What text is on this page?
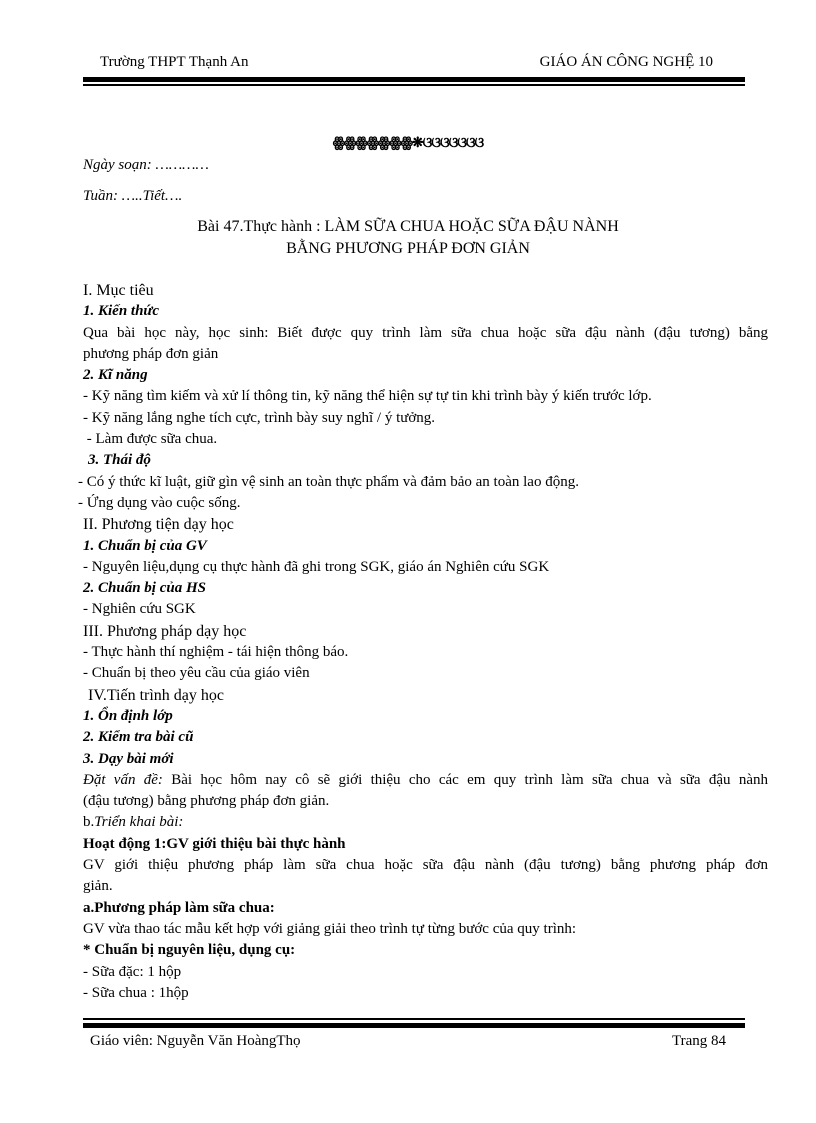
Trường THPT Thạnh An	GIÁO ÁN CÔNG NGHỆ 10
ꙮꙮꙮꙮꙮꙮꙮ❋ଓଓଓଓଓଓଓ
Ngày soạn: …………
Tuần: …..Tiết….
Bài 47.Thực hành : LÀM SỮA CHUA HOẶC SỮA ĐẬU NÀNH
BẰNG PHƯƠNG PHÁP ĐƠN GIẢN
I. Mục tiêu
1. Kiến thức
Qua bài học này, học sinh: Biết được quy trình làm sữa chua hoặc sữa đậu nành (đậu tương) bằng
phương pháp đơn giản
2. Kĩ năng
- Kỹ năng tìm kiếm và xử lí thông tin, kỹ năng thể hiện sự tự tin khi trình bày ý kiến trước lớp.
- Kỹ năng lắng nghe tích cực, trình bày suy nghĩ / ý tưởng.
- Làm được sữa chua.
3. Thái độ
- Có ý thức kĩ luật, giữ gìn vệ sinh an toàn thực phẩm và đảm bảo an toàn lao động.
- Ứng dụng vào cuộc sống.
II. Phương tiện dạy học
1. Chuẩn bị của GV
- Nguyên liệu,dụng cụ thực hành đã ghi trong SGK, giáo án Nghiên cứu SGK
2. Chuẩn bị của HS
- Nghiên cứu SGK
III. Phương pháp dạy học
- Thực hành thí nghiệm - tái hiện thông báo.
- Chuẩn bị theo yêu cầu của giáo viên
IV.Tiến trình dạy học
1. Ổn định lớp
2. Kiểm tra bài cũ
3. Dạy bài mới
Đặt vấn đề: Bài học hôm nay cô sẽ giới thiệu cho các em quy trình làm sữa chua và sữa đậu nành
(đậu tương) bằng phương pháp đơn giản.
b.Triển khai bài:
Hoạt động 1:GV giới thiệu bài thực hành
GV giới thiệu phương pháp làm sữa chua hoặc sữa đậu nành (đậu tương) bằng phương pháp đơn
giản.
a.Phương pháp làm sữa chua:
GV vừa thao tác mẫu kết hợp với giảng giải theo trình tự từng bước của quy trình:
* Chuẩn bị nguyên liệu, dụng cụ:
- Sữa đặc: 1 hộp
- Sữa chua : 1hộp
Giáo viên: Nguyễn Văn HoàngThọ	Trang 84
